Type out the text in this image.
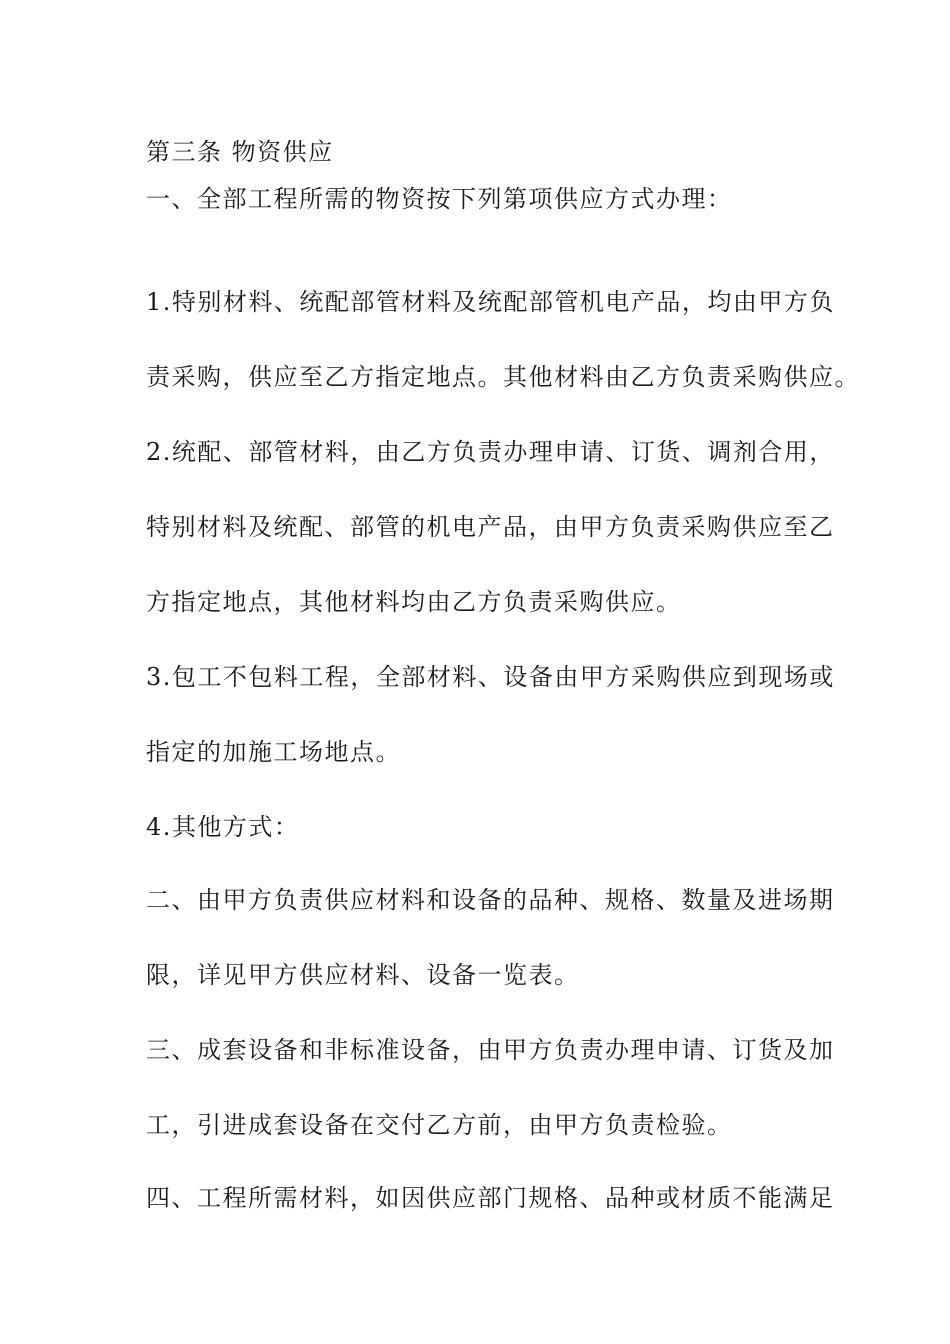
第三条 物资供应
一、全部工程所需的物资按下列第项供应方式办理：
1.特别材料、统配部管材料及统配部管机电产品，均由甲方负
责采购，供应至乙方指定地点。其他材料由乙方负责采购供应。
2.统配、部管材料，由乙方负责办理申请、订货、调剂合用，
特别材料及统配、部管的机电产品，由甲方负责采购供应至乙
方指定地点，其他材料均由乙方负责采购供应。
3.包工不包料工程，全部材料、设备由甲方采购供应到现场或
指定的加施工场地点。
4.其他方式：
二、由甲方负责供应材料和设备的品种、规格、数量及进场期
限，详见甲方供应材料、设备一览表。
三、成套设备和非标准设备，由甲方负责办理申请、订货及加
工，引进成套设备在交付乙方前，由甲方负责检验。
四、工程所需材料，如因供应部门规格、品种或材质不能满足
